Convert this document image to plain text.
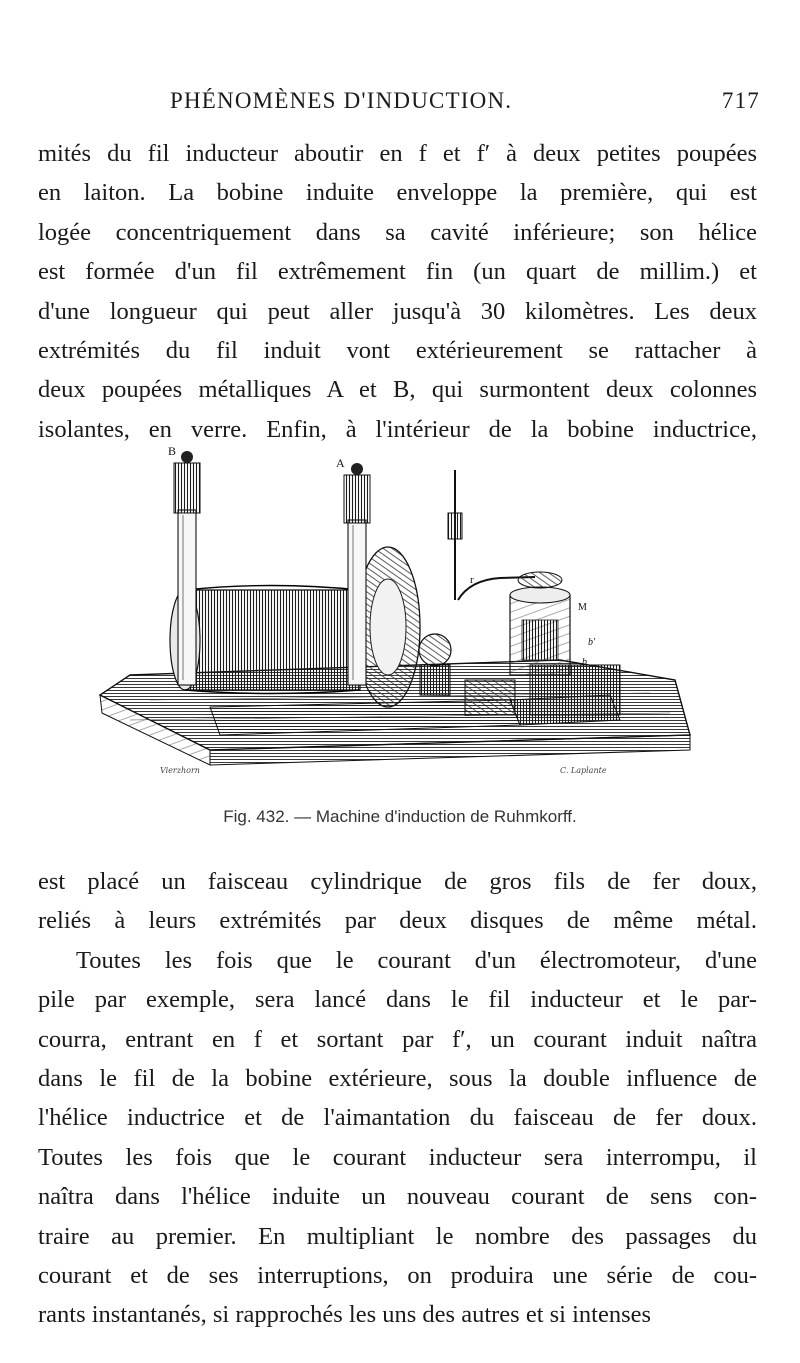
PHÉNOMÈNES D'INDUCTION.	717
mités du fil inducteur aboutir en f et f′ à deux petites poupées
en laiton. La bobine induite enveloppe la première, qui est
logée concentriquement dans sa cavité inférieure; son hélice
est formée d'un fil extrêmement fin (un quart de millim.) et
d'une longueur qui peut aller jusqu'à 30 kilomètres. Les deux
extrémités du fil induit vont extérieurement se rattacher à
deux poupées métalliques A et B, qui surmontent deux colonnes
isolantes, en verre. Enfin, à l'intérieur de la bobine inductrice,
B
A
r
M
b
b′
Vierzhorn	C. Laplante
Fig. 432. — Machine d'induction de Ruhmkorff.
est placé un faisceau cylindrique de gros fils de fer doux,
reliés à leurs extrémités par deux disques de même métal.
Toutes les fois que le courant d'un électromoteur, d'une
pile par exemple, sera lancé dans le fil inducteur et le par-
courra, entrant en f et sortant par f′, un courant induit naîtra
dans le fil de la bobine extérieure, sous la double influence de
l'hélice inductrice et de l'aimantation du faisceau de fer doux.
Toutes les fois que le courant inducteur sera interrompu, il
naîtra dans l'hélice induite un nouveau courant de sens con-
traire au premier. En multipliant le nombre des passages du
courant et de ses interruptions, on produira une série de cou-
rants instantanés, si rapprochés les uns des autres et si intenses
